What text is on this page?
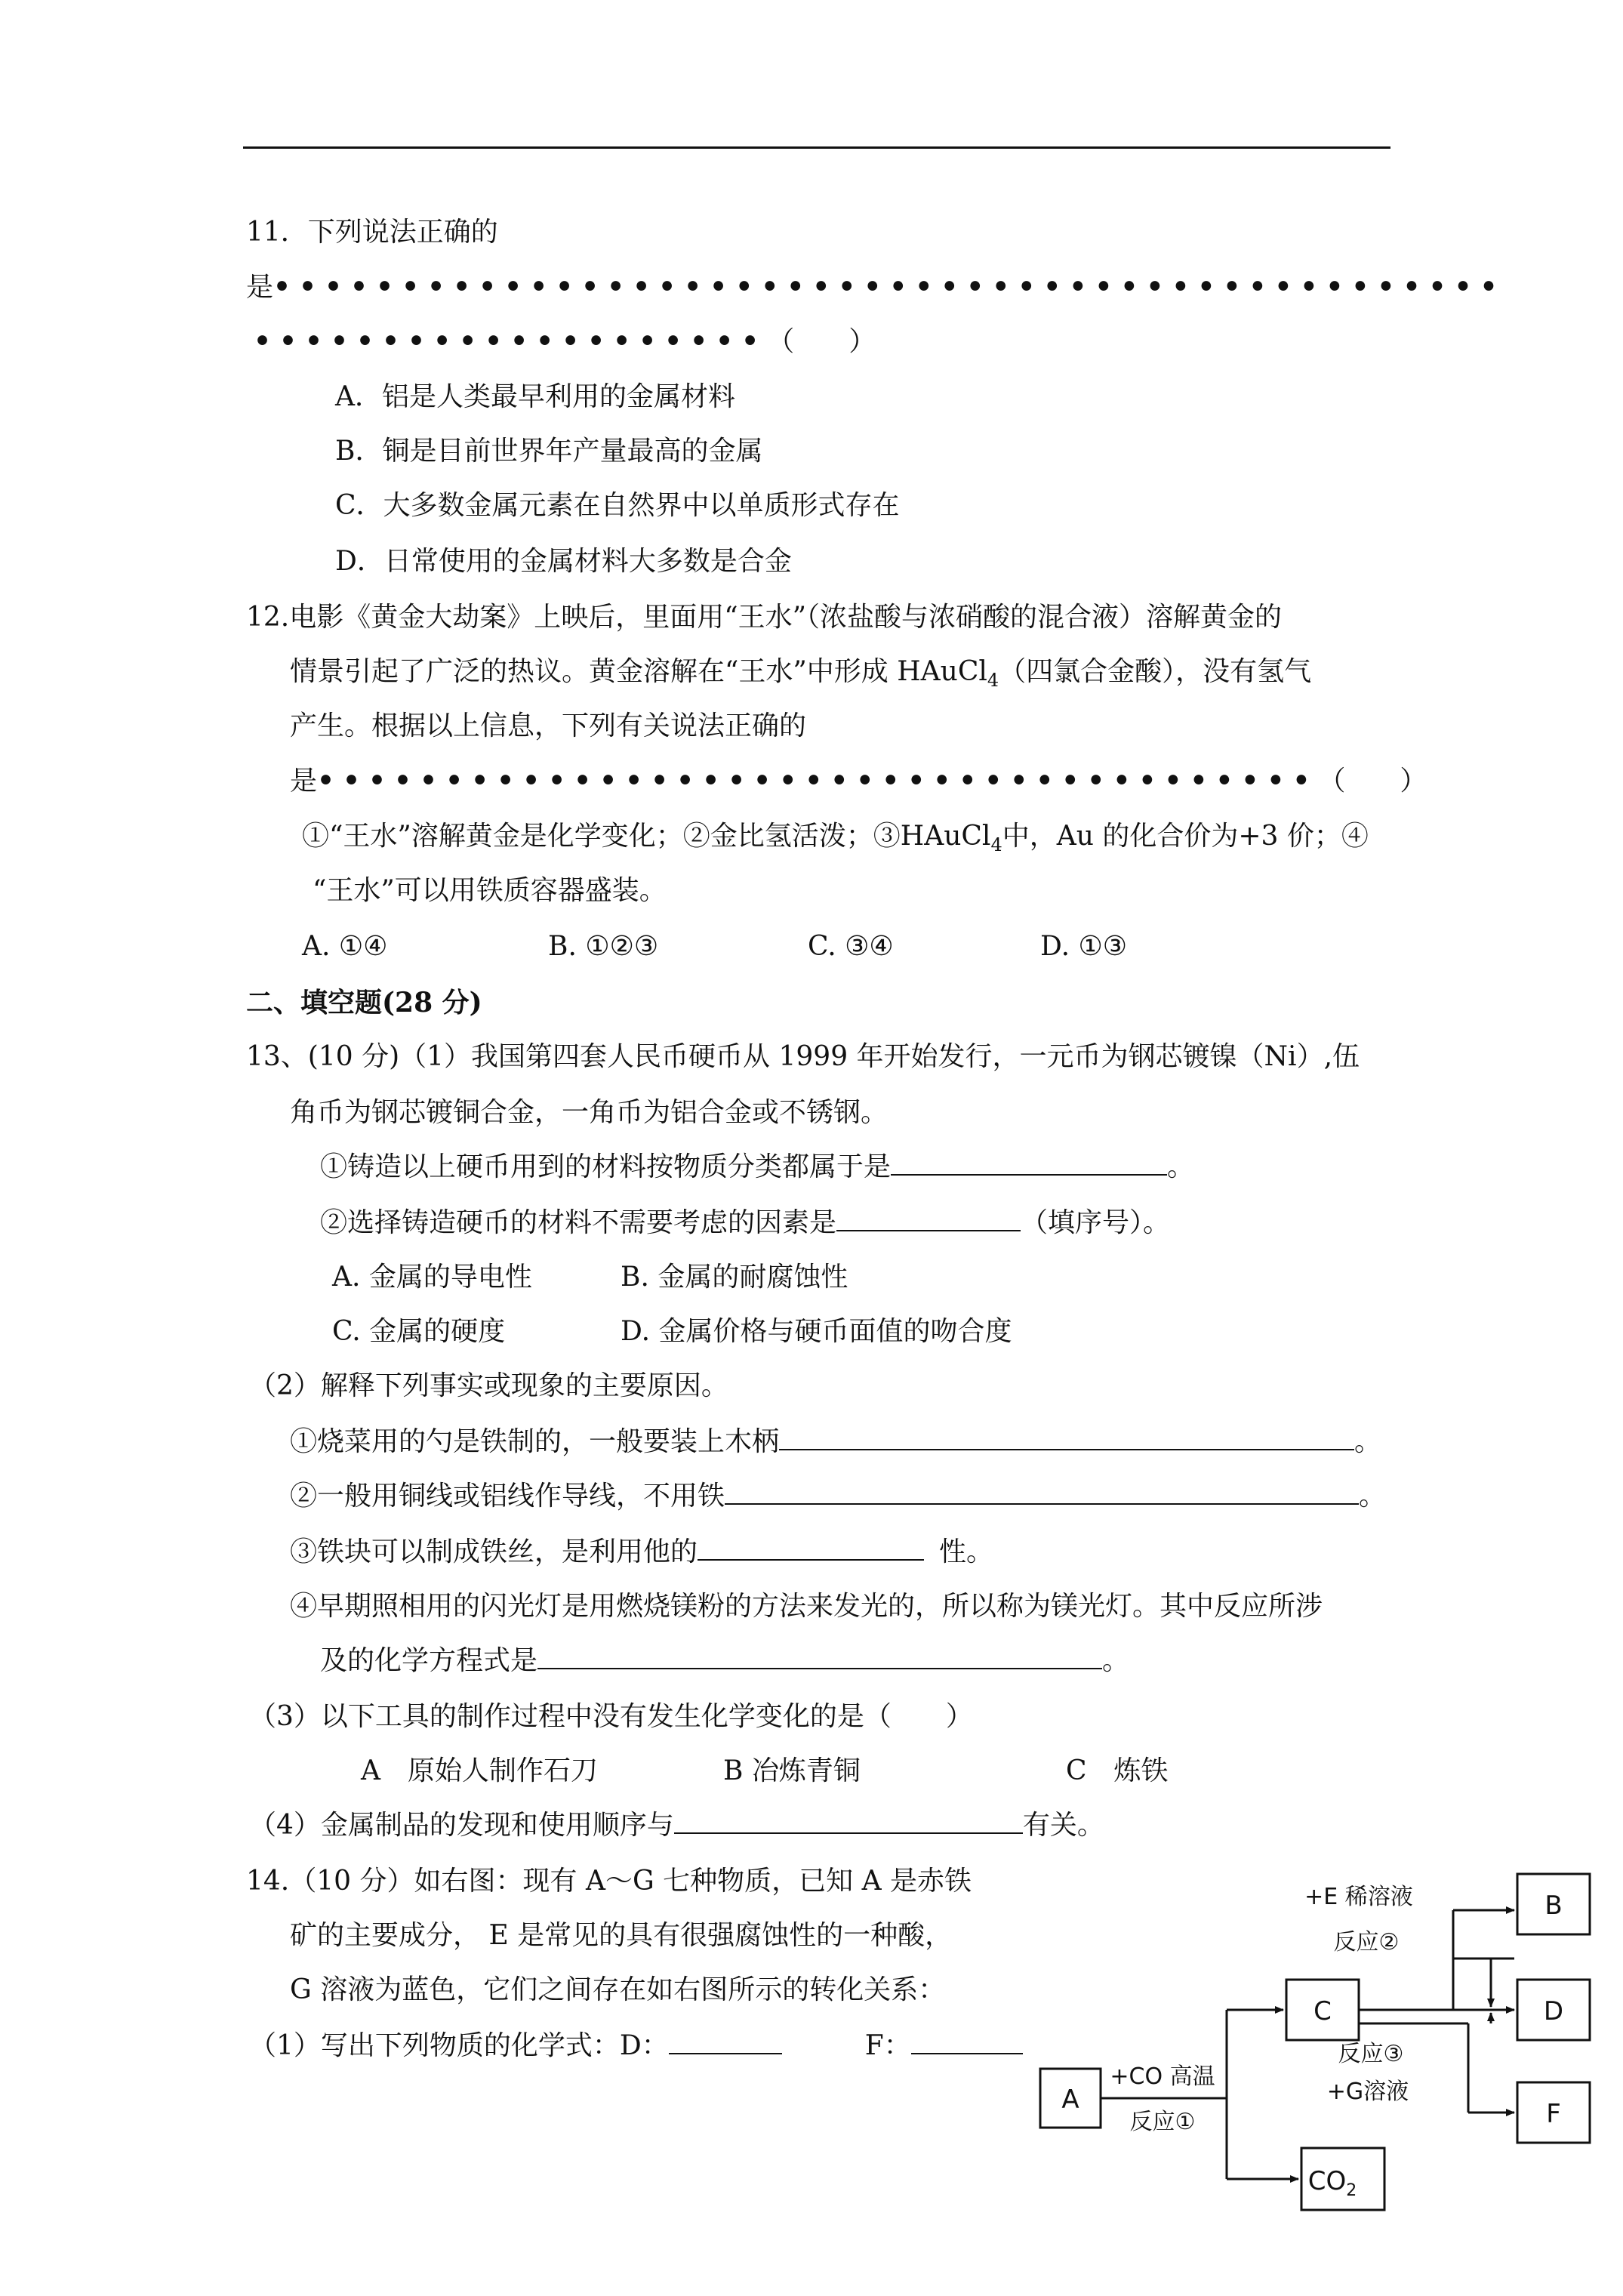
11．下列说法正确的
是••••••••••••••••••••••••••••••••••••••••••••••••
••••••••••••••••••••（　　）
A．铝是人类最早利用的金属材料
B．铜是目前世界年产量最高的金属
C．大多数金属元素在自然界中以单质形式存在
D．日常使用的金属材料大多数是合金
12.电影《黄金大劫案》上映后，里面用“王水”（浓盐酸与浓硝酸的混合液）溶解黄金的
情景引起了广泛的热议。黄金溶解在“王水”中形成 HAuCl$_4$（四氯合金酸），没有氢气
产生。根据以上信息，下列有关说法正确的
是•••••••••••••••••••••••••••••••••••••••（　　）
①“王水”溶解黄金是化学变化；②金比氢活泼；③HAuCl$_4$中，Au 的化合价为+3 价；④
“王水”可以用铁质容器盛装。
A. ①④	B. ①②③	C. ③④	D. ①③
二、填空题(28 分)
13、(10 分)（1）我国第四套人民币硬币从 1999 年开始发行，一元币为钢芯镀镍（Ni）,伍
角币为钢芯镀铜合金，一角币为铝合金或不锈钢。
①铸造以上硬币用到的材料按物质分类都属于是	。
②选择铸造硬币的材料不需要考虑的因素是	（填序号）。
A. 金属的导电性	B. 金属的耐腐蚀性
C. 金属的硬度	D. 金属价格与硬币面值的吻合度
（2）解释下列事实或现象的主要原因。
①烧菜用的勺是铁制的，一般要装上木柄	。
②一般用铜线或铝线作导线，不用铁	。
③铁块可以制成铁丝，是利用他的	性。
④早期照相用的闪光灯是用燃烧镁粉的方法来发光的，所以称为镁光灯。其中反应所涉
及的化学方程式是	。
（3）以下工具的制作过程中没有发生化学变化的是（　　）
A　原始人制作石刀	B 冶炼青铜	C　炼铁
（4）金属制品的发现和使用顺序与	有关。
14.（10 分）如右图：现有 A～G 七种物质，已知 A 是赤铁
矿的主要成分， E 是常见的具有很强腐蚀性的一种酸，
G 溶液为蓝色，它们之间存在如右图所示的转化关系：
（1）写出下列物质的化学式：D：	F：
A
C
B
D
F
$CO_2$
+CO 高温
反应①
+E 稀溶液
反应②
反应③
+G溶液
